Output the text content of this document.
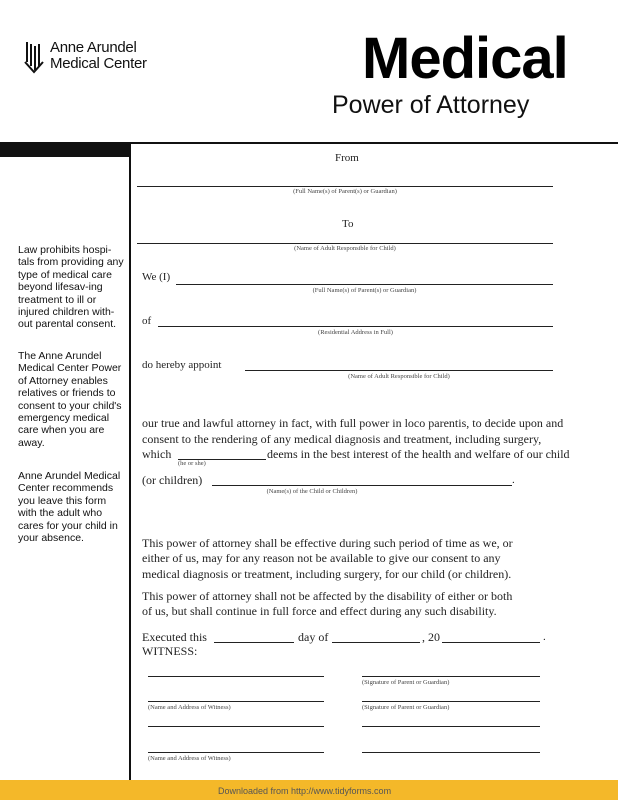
Anne Arundel
Medical Center	Medical
Power of Attorney
Law prohibits hospi-tals from providing any type of medical care beyond lifesav-ing treatment to ill or injured children with-out parental consent.
The Anne Arundel Medical Center Power of Attorney enables relatives or friends to consent to your child's emergency medical care when you are away.
Anne Arundel Medical Center recommends you leave this form with the adult who cares for your child in your absence.
From
(Full Name(s) of Parent(s) or Guardian)
To
(Name of Adult Responsible for Child)
We (I)
(Full Name(s) of Parent(s) or Guardian)
of
(Residential Address in Full)
do hereby appoint
(Name of Adult Responsible for Child)
our true and lawful attorney in fact, with full power in loco parentis, to decide upon and
consent to the rendering of any medical diagnosis and treatment, including surgery,
which
(he or she)
deems in the best interest of the health and welfare of our child
(or children)	.
(Name(s) of the Child or Children)
This power of attorney shall be effective during such period of time as we, or
either of us, may for any reason not be available to give our consent to any
medical diagnosis or treatment, including surgery, for our child (or children).
This power of attorney shall not be affected by the disability of either or both
of us, but shall continue in full force and effect during any such disability.
Executed this	day of	, 20	.
WITNESS:
(Signature of Parent or Guardian)
(Name and Address of Witness)	(Signature of Parent or Guardian)
(Name and Address of Witness)
Downloaded from http://www.tidyforms.com
